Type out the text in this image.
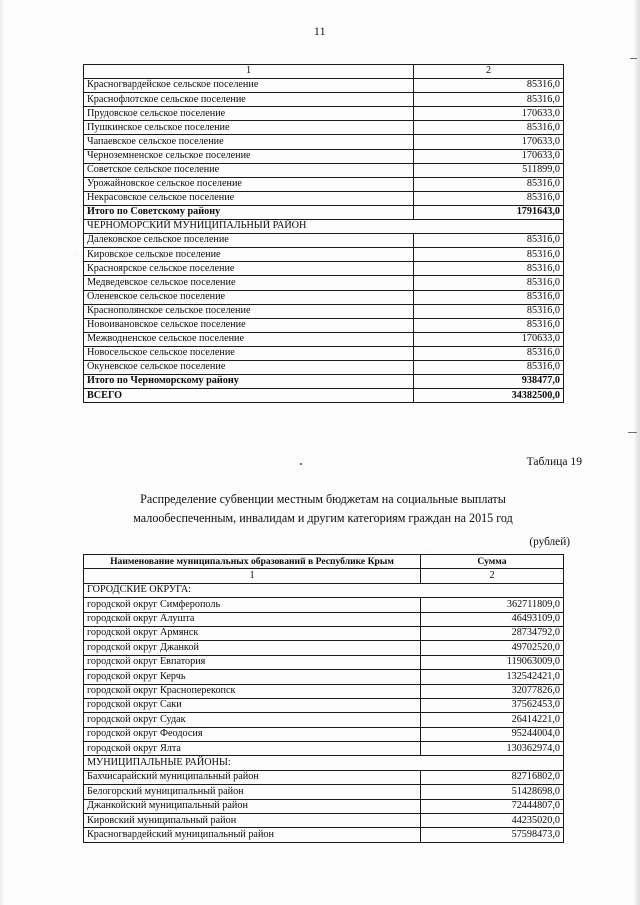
11
1	2
Красногвардейское сельское поселение	85316,0
Краснофлотское сельское поселение	85316,0
Прудовское сельское поселение	170633,0
Пушкинское сельское поселение	85316,0
Чапаевское сельское поселение	170633,0
Черноземненское сельское поселение	170633,0
Советское сельское поселение	511899,0
Урожайновское сельское поселение	85316,0
Некрасовское сельское поселение	85316,0
Итого по Советскому району	1791643,0
ЧЕРНОМОРСКИЙ МУНИЦИПАЛЬНЫЙ РАЙОН	
Далековское сельское поселение	85316,0
Кировское сельское поселение	85316,0
Красноярское сельское поселение	85316,0
Медведевское сельское поселение	85316,0
Оленевское сельское поселение	85316,0
Краснополянское сельское поселение	85316,0
Новоивановское сельское поселение	85316,0
Межводненское сельское поселение	170633,0
Новосельское сельское поселение	85316,0
Окуневское сельское поселение	85316,0
Итого по Черноморскому району	938477,0
ВСЕГО	34382500,0
Таблица 19
Распределение субвенции местным бюджетам на социальные выплаты
малообеспеченным, инвалидам и другим категориям граждан на 2015 год
(рублей)
Наименование муниципальных образований в Республике Крым	Сумма
1	2
ГОРОДСКИЕ ОКРУГА:	
городской округ Симферополь	362711809,0
городской округ Алушта	46493109,0
городской округ Армянск	28734792,0
городской округ Джанкой	49702520,0
городской округ Евпатория	119063009,0
городской округ Керчь	132542421,0
городской округ Красноперекопск	32077826,0
городской округ Саки	37562453,0
городской округ Судак	26414221,0
городской округ Феодосия	95244004,0
городской округ Ялта	130362974,0
МУНИЦИПАЛЬНЫЕ РАЙОНЫ:	
Бахчисарайский муниципальный район	82716802,0
Белогорский муниципальный район	51428698,0
Джанкойский муниципальный район	72444807,0
Кировский муниципальный район	44235020,0
Красногвардейский муниципальный район	57598473,0
